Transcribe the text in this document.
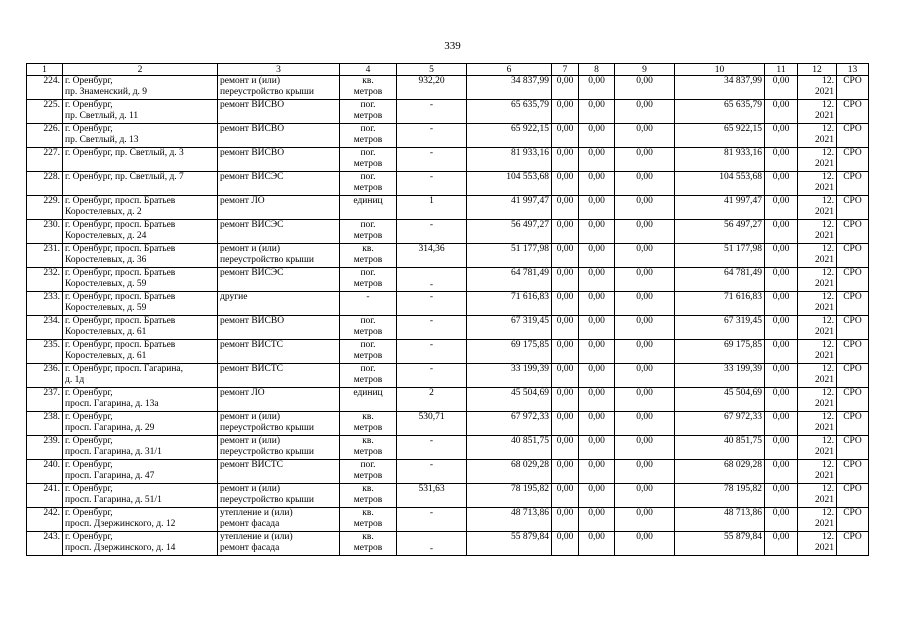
339
1	2	3	4	5	6	7	8	9	10	11	12	13
224.	г. Оренбург,
пр. Знаменский, д. 9	ремонт и (или)
переустройство крыши	кв.
метров	932,20	34 837,99	0,00	0,00	0,00	34 837,99	0,00	12.
2021	СРО
225.	г. Оренбург,
пр. Светлый, д. 11	ремонт ВИСВО	пог.
метров	-	65 635,79	0,00	0,00	0,00	65 635,79	0,00	12.
2021	СРО
226.	г. Оренбург,
пр. Светлый, д. 13	ремонт ВИСВО	пог.
метров	-	65 922,15	0,00	0,00	0,00	65 922,15	0,00	12.
2021	СРО
227.	г. Оренбург, пр. Светлый, д. 3	ремонт ВИСВО	пог.
метров	-	81 933,16	0,00	0,00	0,00	81 933,16	0,00	12.
2021	СРО
228.	г. Оренбург, пр. Светлый, д. 7	ремонт ВИСЭС	пог.
метров	-	104 553,68	0,00	0,00	0,00	104 553,68	0,00	12.
2021	СРО
229.	г. Оренбург, просп. Братьев
Коростелевых, д. 2	ремонт ЛО	единиц	1	41 997,47	0,00	0,00	0,00	41 997,47	0,00	12.
2021	СРО
230.	г. Оренбург, просп. Братьев
Коростелевых, д. 24	ремонт ВИСЭС	пог.
метров	-	56 497,27	0,00	0,00	0,00	56 497,27	0,00	12.
2021	СРО
231.	г. Оренбург, просп. Братьев
Коростелевых, д. 36	ремонт и (или)
переустройство крыши	кв.
метров	314,36	51 177,98	0,00	0,00	0,00	51 177,98	0,00	12.
2021	СРО
232.	г. Оренбург, просп. Братьев
Коростелевых, д. 59	ремонт ВИСЭС	пог.
метров	-	64 781,49	0,00	0,00	0,00	64 781,49	0,00	12.
2021	СРО
233.	г. Оренбург, просп. Братьев
Коростелевых, д. 59	другие	-	-	71 616,83	0,00	0,00	0,00	71 616,83	0,00	12.
2021	СРО
234.	г. Оренбург, просп. Братьев
Коростелевых, д. 61	ремонт ВИСВО	пог.
метров	-	67 319,45	0,00	0,00	0,00	67 319,45	0,00	12.
2021	СРО
235.	г. Оренбург, просп. Братьев
Коростелевых, д. 61	ремонт ВИСТС	пог.
метров	-	69 175,85	0,00	0,00	0,00	69 175,85	0,00	12.
2021	СРО
236.	г. Оренбург, просп. Гагарина,
д. 1д	ремонт ВИСТС	пог.
метров	-	33 199,39	0,00	0,00	0,00	33 199,39	0,00	12.
2021	СРО
237.	г. Оренбург,
просп. Гагарина, д. 13а	ремонт ЛО	единиц	2	45 504,69	0,00	0,00	0,00	45 504,69	0,00	12.
2021	СРО
238.	г. Оренбург,
просп. Гагарина, д. 29	ремонт и (или)
переустройство крыши	кв.
метров	530,71	67 972,33	0,00	0,00	0,00	67 972,33	0,00	12.
2021	СРО
239.	г. Оренбург,
просп. Гагарина, д. 31/1	ремонт и (или)
переустройство крыши	кв.
метров	-	40 851,75	0,00	0,00	0,00	40 851,75	0,00	12.
2021	СРО
240.	г. Оренбург,
просп. Гагарина, д. 47	ремонт ВИСТС	пог.
метров	-	68 029,28	0,00	0,00	0,00	68 029,28	0,00	12.
2021	СРО
241.	г. Оренбург,
просп. Гагарина, д. 51/1	ремонт и (или)
переустройство крыши	кв.
метров	531,63	78 195,82	0,00	0,00	0,00	78 195,82	0,00	12.
2021	СРО
242.	г. Оренбург,
просп. Дзержинского, д. 12	утепление и (или)
ремонт фасада	кв.
метров	-	48 713,86	0,00	0,00	0,00	48 713,86	0,00	12.
2021	СРО
243.	г. Оренбург,
просп. Дзержинского, д. 14	утепление и (или)
ремонт фасада	кв.
метров	-	55 879,84	0,00	0,00	0,00	55 879,84	0,00	12.
2021	СРО
